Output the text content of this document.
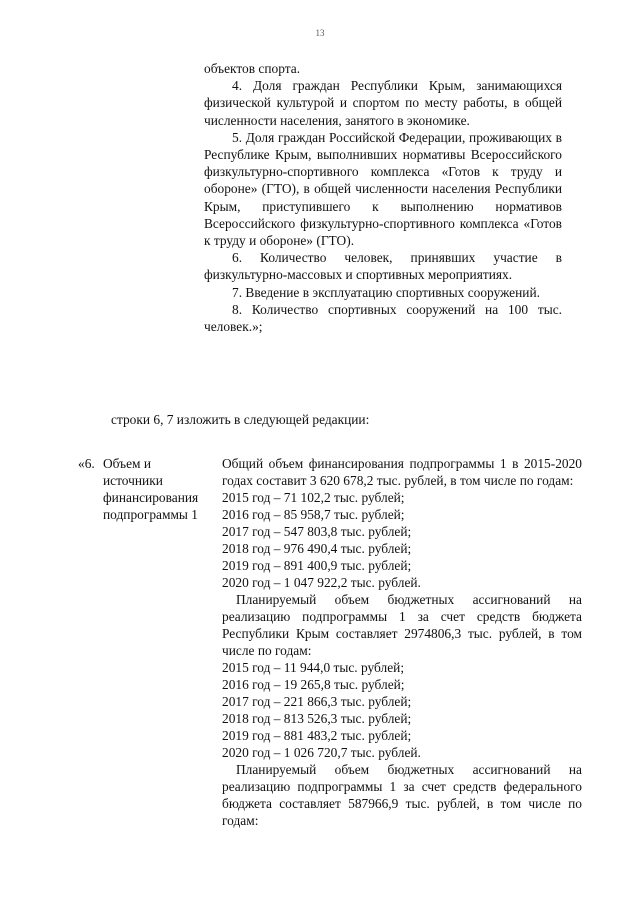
13

объектов спорта.

4. Доля граждан Республики Крым, занимающихся физической культурой и спортом по месту работы, в общей численности населения, занятого в экономике.

5. Доля граждан Российской Федерации, проживающих в Республике Крым, выполнивших нормативы Всероссийского физкультурно-спортивного комплекса «Готов к труду и обороне» (ГТО), в общей численности населения Республики Крым, приступившего к выполнению нормативов Всероссийского физкультурно-спортивного комплекса «Готов к труду и обороне» (ГТО).

6. Количество человек, принявших участие в физкультурно-массовых и спортивных мероприятиях.

7. Введение в эксплуатацию спортивных сооружений.

8. Количество спортивных сооружений на 100 тыс. человек.»;

строки 6, 7 изложить в следующей редакции:
«6. Объем и
источники
финансирования
подпрограммы 1

Общий объем финансирования подпрограммы 1 в 2015-2020 годах составит 3 620 678,2 тыс. рублей, в том числе по годам:

2015 год – 71 102,2 тыс. рублей;
2016 год – 85 958,7 тыс. рублей;
2017 год – 547 803,8 тыс. рублей;
2018 год – 976 490,4 тыс. рублей;
2019 год – 891 400,9 тыс. рублей;
2020 год – 1 047 922,2 тыс. рублей.

Планируемый объем бюджетных ассигнований на реализацию подпрограммы 1 за счет средств бюджета Республики Крым составляет 2974806,3 тыс. рублей, в том числе по годам:

2015 год – 11 944,0 тыс. рублей;
2016 год – 19 265,8 тыс. рублей;
2017 год – 221 866,3 тыс. рублей;
2018 год – 813 526,3 тыс. рублей;
2019 год – 881 483,2 тыс. рублей;
2020 год – 1 026 720,7 тыс. рублей.

Планируемый объем бюджетных ассигнований на реализацию подпрограммы 1 за счет средств федерального бюджета составляет 587966,9 тыс. рублей, в том числе по годам:
